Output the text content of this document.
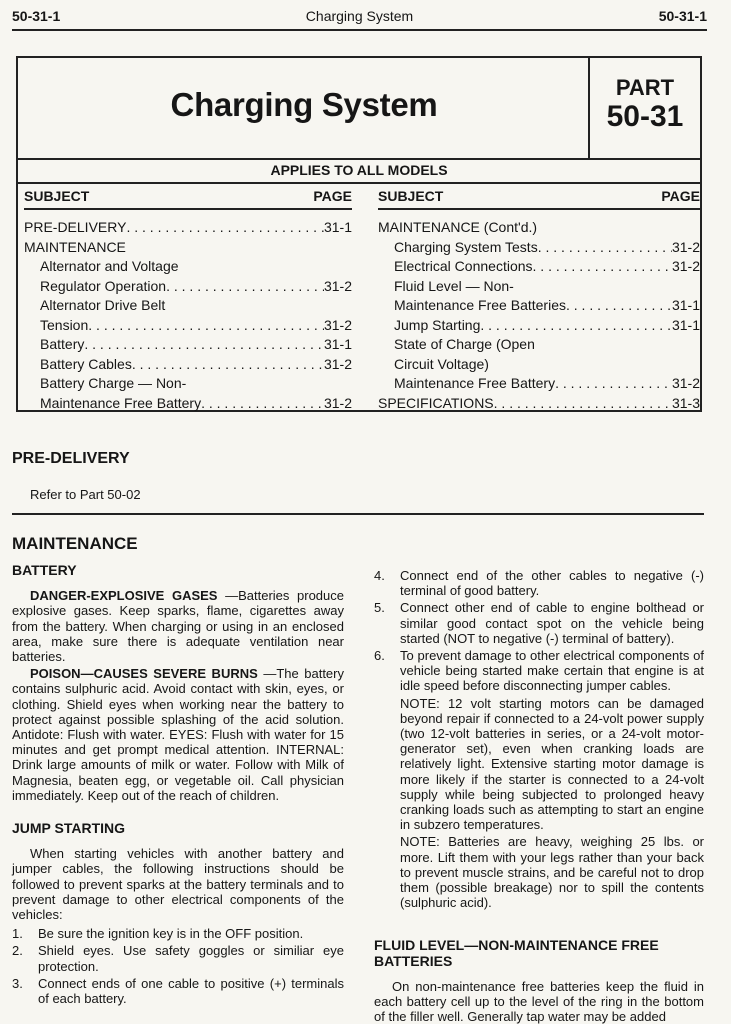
50-31-1	Charging System	50-31-1
Charging System	PART
50-31
APPLIES TO ALL MODELS
SUBJECT	PAGE
PRE-DELIVERY . . .	31-1
MAINTENANCE
Alternator and Voltage
Regulator Operation . . .	31-2
Alternator Drive Belt
Tension . . .	31-2
Battery . . .	31-1
Battery Cables . . .	31-2
Battery Charge — Non-
Maintenance Free Battery . . .	31-2
SUBJECT	PAGE
MAINTENANCE (Cont'd.)
Charging System Tests . . .	31-2
Electrical Connections . . .	31-2
Fluid Level — Non-
Maintenance Free Batteries . . .	31-1
Jump Starting . . .	31-1
State of Charge (Open
Circuit Voltage)
Maintenance Free Battery . . .	31-2
SPECIFICATIONS . . .	31-3
PRE-DELIVERY
Refer to Part 50-02
MAINTENANCE

BATTERY

DANGER-EXPLOSIVE GASES —Batteries produce explosive gases. Keep sparks, flame, cigarettes away from the battery. When charging or using in an enclosed area, make sure there is adequate ventilation near batteries.

POISON—CAUSES SEVERE BURNS —The battery contains sulphuric acid. Avoid contact with skin, eyes, or clothing. Shield eyes when working near the battery to protect against possible splashing of the acid solution. Antidote: Flush with water. EYES: Flush with water for 15 minutes and get prompt medical attention. INTERNAL: Drink large amounts of milk or water. Follow with Milk of Magnesia, beaten egg, or vegetable oil. Call physician immediately. Keep out of the reach of children.

JUMP STARTING

When starting vehicles with another battery and jumper cables, the following instructions should be followed to prevent sparks at the battery terminals and to prevent damage to other electrical components of the vehicles:

1.	Be sure the ignition key is in the OFF position.
2.	Shield eyes. Use safety goggles or similiar eye protection.
3.	Connect ends of one cable to positive (+) terminals of each battery.
4.	Connect end of the other cables to negative (-) terminal of good battery.
5.	Connect other end of cable to engine bolthead or similar good contact spot on the vehicle being started (NOT to negative (-) terminal of battery).
6.	To prevent damage to other electrical components of vehicle being started make certain that engine is at idle speed before disconnecting jumper cables.

NOTE: 12 volt starting motors can be damaged beyond repair if connected to a 24-volt power supply (two 12-volt batteries in series, or a 24-volt motor-generator set), even when cranking loads are relatively light. Extensive starting motor damage is more likely if the starter is connected to a 24-volt supply while being subjected to prolonged heavy cranking loads such as attempting to start an engine in subzero temperatures.

NOTE: Batteries are heavy, weighing 25 lbs. or more. Lift them with your legs rather than your back to prevent muscle strains, and be careful not to drop them (possible breakage) nor to spill the contents (sulphuric acid).

FLUID LEVEL—NON-MAINTENANCE FREE BATTERIES

On non-maintenance free batteries keep the fluid in each battery cell up to the level of the ring in the bottom of the filler well. Generally tap water may be added
